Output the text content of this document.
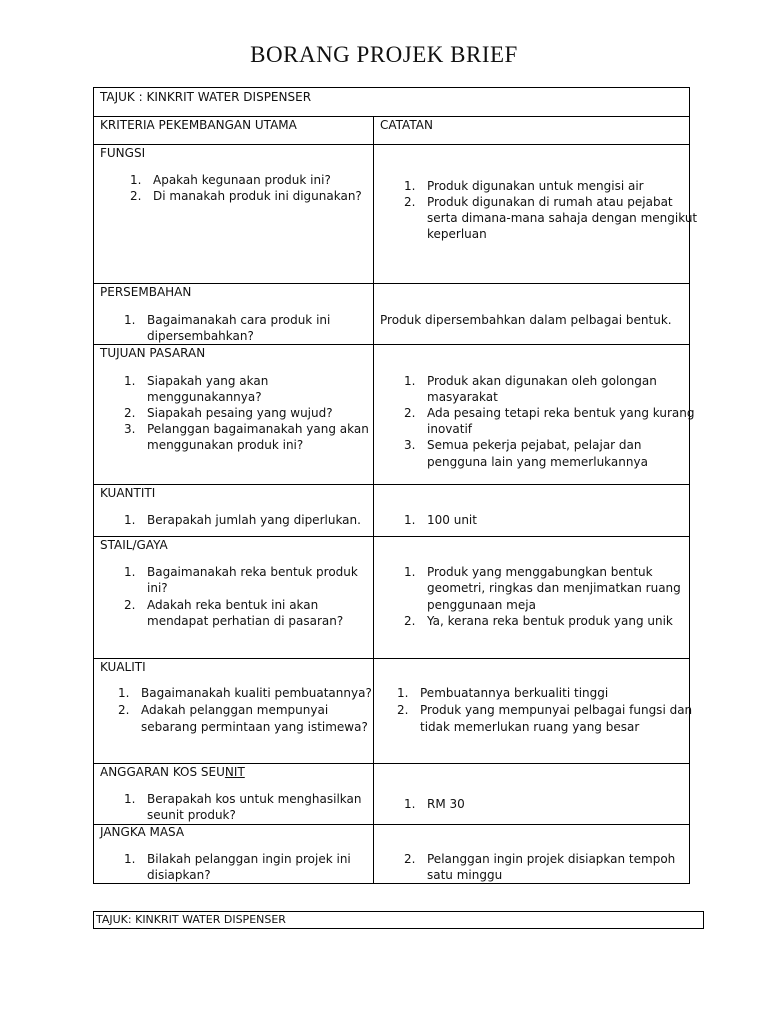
BORANG PROJEK BRIEF
TAJUK : KINKRIT WATER DISPENSER
KRITERIA PEKEMBANGAN UTAMA	CATATAN
FUNGSI
1. Apakah kegunaan produk ini?
2. Di manakah produk ini digunakan?
1. Produk digunakan untuk mengisi air
2. Produk digunakan di rumah atau pejabat
serta dimana-mana sahaja dengan mengikut
keperluan
PERSEMBAHAN
1. Bagaimanakah cara produk ini
dipersembahkan?
Produk dipersembahkan dalam pelbagai bentuk.
TUJUAN PASARAN
1. Siapakah yang akan
menggunakannya?
2. Siapakah pesaing yang wujud?
3. Pelanggan bagaimanakah yang akan
menggunakan produk ini?
1. Produk akan digunakan oleh golongan
masyarakat
2. Ada pesaing tetapi reka bentuk yang kurang
inovatif
3. Semua pekerja pejabat, pelajar dan
pengguna lain yang memerlukannya
KUANTITI
1. Berapakah jumlah yang diperlukan.	1. 100 unit
STAIL/GAYA
1. Bagaimanakah reka bentuk produk
ini?
2. Adakah reka bentuk ini akan
mendapat perhatian di pasaran?
1. Produk yang menggabungkan bentuk
geometri, ringkas dan menjimatkan ruang
penggunaan meja
2. Ya, kerana reka bentuk produk yang unik
KUALITI
1. Bagaimanakah kualiti pembuatannya?
2. Adakah pelanggan mempunyai
sebarang permintaan yang istimewa?
1. Pembuatannya berkualiti tinggi
2. Produk yang mempunyai pelbagai fungsi dan
tidak memerlukan ruang yang besar
ANGGARAN KOS SEUNIT
1. Berapakah kos untuk menghasilkan
seunit produk?
1. RM 30
JANGKA MASA
1. Bilakah pelanggan ingin projek ini
disiapkan?
2. Pelanggan ingin projek disiapkan tempoh
satu minggu
TAJUK: KINKRIT WATER DISPENSER
